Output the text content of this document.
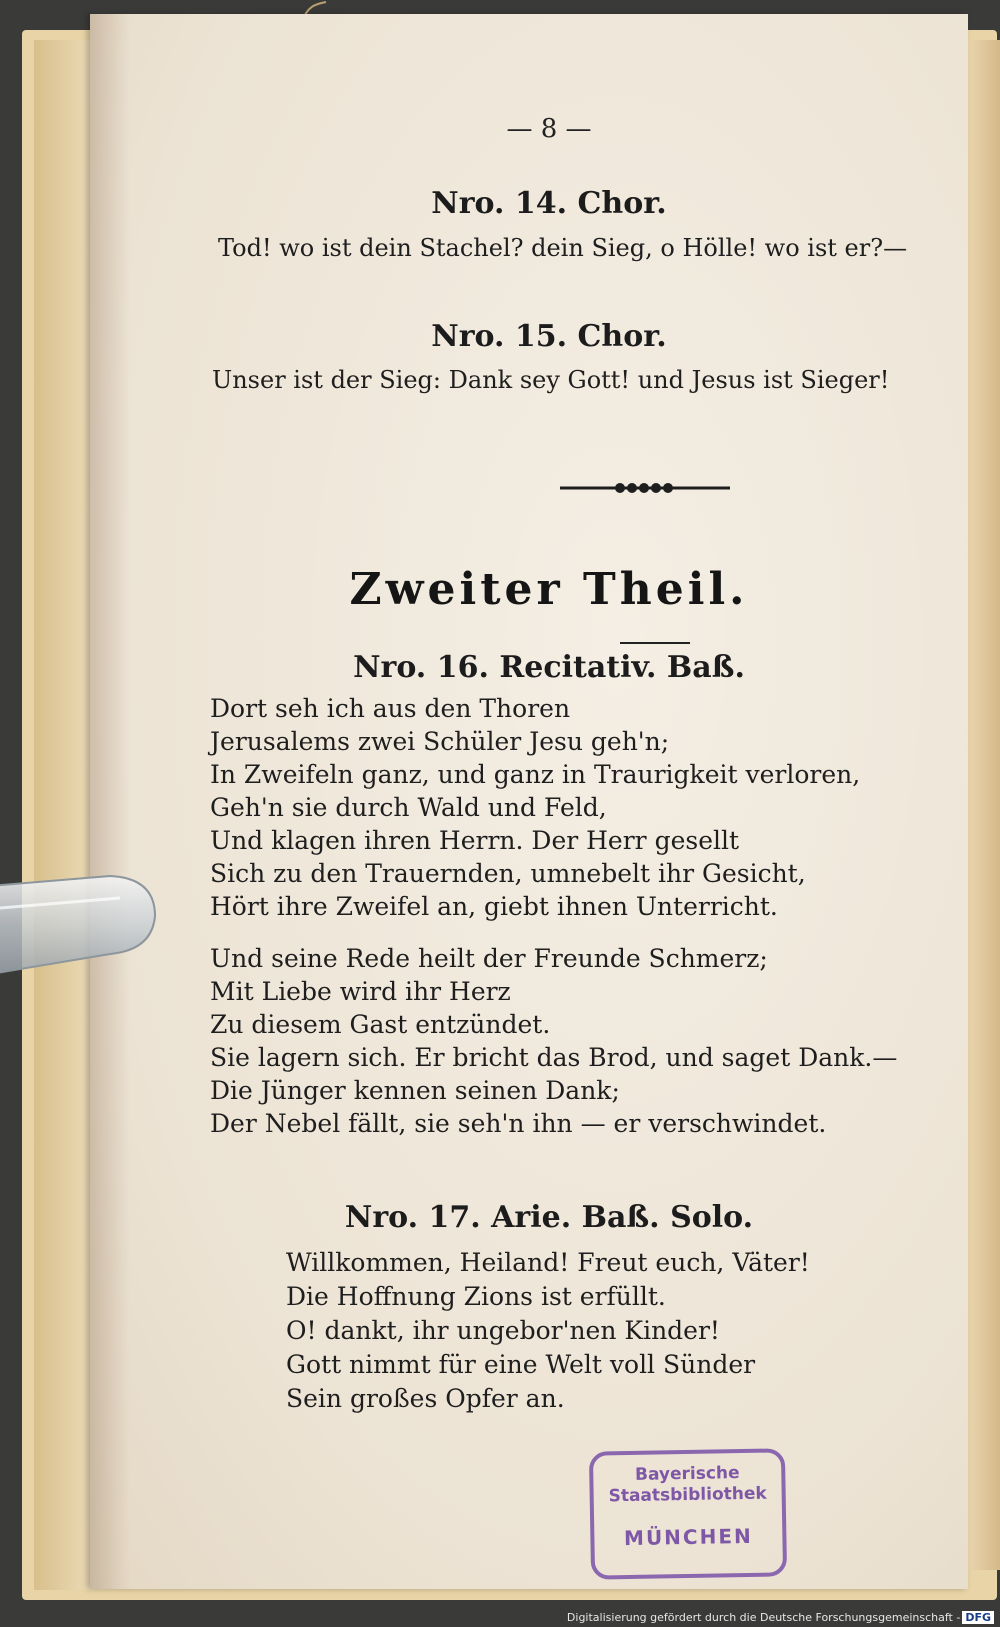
— 8 —
Nro. 14. Chor.
Tod! wo ist dein Stachel? dein Sieg, o Hölle! wo ist er?—
Nro. 15. Chor.
Unser ist der Sieg: Dank sey Gott! und Jesus ist Sieger!
Zweiter Theil.
Nro. 16. Recitativ. Baß.
Dort seh ich aus den Thoren
Jerusalems zwei Schüler Jesu geh'n;
In Zweifeln ganz, und ganz in Traurigkeit verloren,
Geh'n sie durch Wald und Feld,
Und klagen ihren Herrn. Der Herr gesellt
Sich zu den Trauernden, umnebelt ihr Gesicht,
Hört ihre Zweifel an, giebt ihnen Unterricht.
Und seine Rede heilt der Freunde Schmerz;
Mit Liebe wird ihr Herz
Zu diesem Gast entzündet.
Sie lagern sich. Er bricht das Brod, und saget Dank.—
Die Jünger kennen seinen Dank;
Der Nebel fällt, sie seh'n ihn — er verschwindet.
Nro. 17. Arie. Baß. Solo.
Willkommen, Heiland! Freut euch, Väter!
Die Hoffnung Zions ist erfüllt.
O! dankt, ihr ungebor'nen Kinder!
Gott nimmt für eine Welt voll Sünder
Sein großes Opfer an.
Bayerische
Staatsbibliothek
MÜNCHEN
Digitalisierung gefördert durch die Deutsche Forschungsgemeinschaft - DFG
